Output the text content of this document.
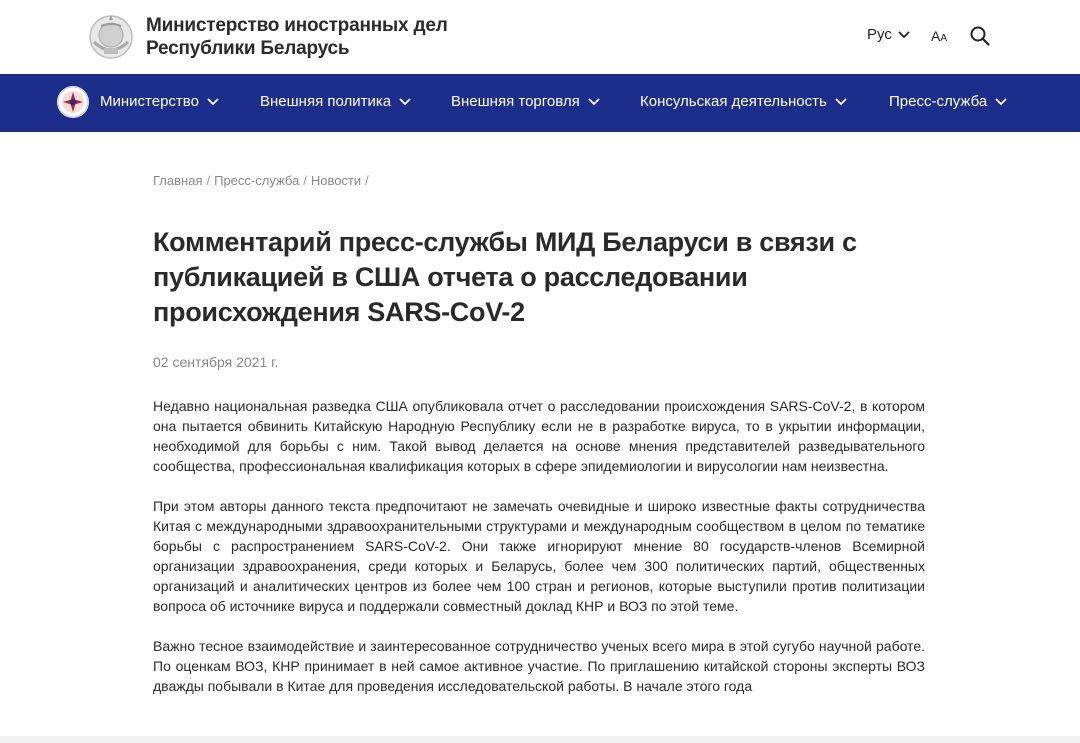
Министерство иностранных дел
Республики Беларусь
Рус	AA
Министерство	Внешняя политика	Внешняя торговля	Консульская деятельность	Пресс-служба
Главная / Пресс-служба / Новости /
Комментарий пресс-службы МИД Беларуси в связи с публикацией в США отчета о расследовании происхождения SARS-CoV-2
02 сентября 2021 г.

Недавно национальная разведка США опубликовала отчет о расследовании происхождения SARS-CoV-2, в котором она пытается обвинить Китайскую Народную Республику если не в разработке вируса, то в укрытии информации, необходимой для борьбы с ним. Такой вывод делается на основе мнения представителей разведывательного сообщества, профессиональная квалификация которых в сфере эпидемиологии и вирусологии нам неизвестна.

При этом авторы данного текста предпочитают не замечать очевидные и широко известные факты сотрудничества Китая с международными здравоохранительными структурами и международным сообществом в целом по тематике борьбы с распространением SARS-CoV-2. Они также игнорируют мнение 80 государств-членов Всемирной организации здравоохранения, среди которых и Беларусь, более чем 300 политических партий, общественных организаций и аналитических центров из более чем 100 стран и регионов, которые выступили против политизации вопроса об источнике вируса и поддержали совместный доклад КНР и ВОЗ по этой теме.

Важно тесное взаимодействие и заинтересованное сотрудничество ученых всего мира в этой сугубо научной работе. По оценкам ВОЗ, КНР принимает в ней самое активное участие. По приглашению китайской стороны эксперты ВОЗ дважды побывали в Китае для проведения исследовательской работы. В начале этого года
